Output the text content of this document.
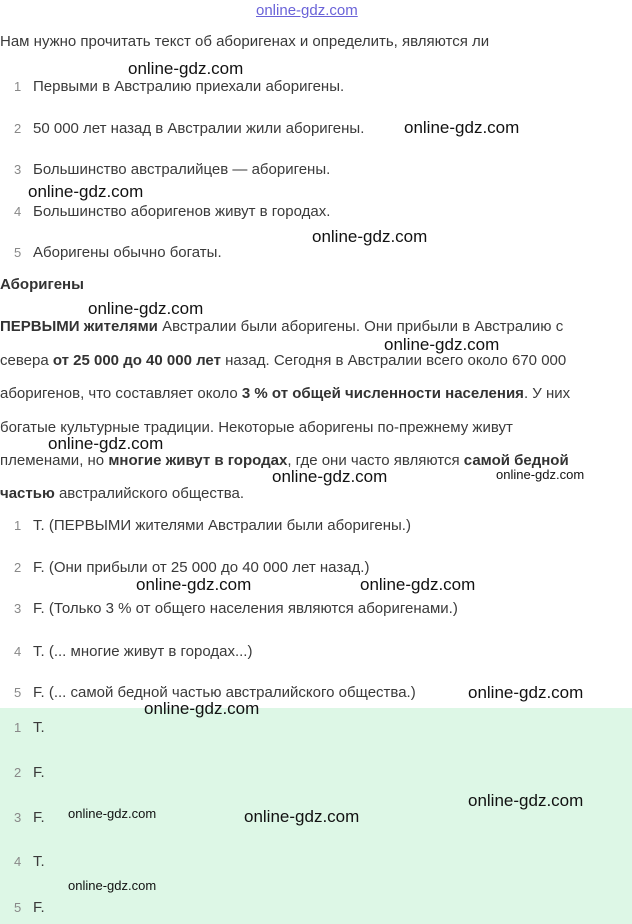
online-gdz.com
Нам нужно прочитать текст об аборигенах и определить, являются ли
1 Первыми в Австралию приехали аборигены.
2 50 000 лет назад в Австралии жили аборигены.
3 Большинство австралийцев — аборигены.
4 Большинство аборигенов живут в городах.
5 Аборигены обычно богаты.
Аборигены
ПЕРВЫМИ жителями Австралии были аборигены. Они прибыли в Австралию с
севера от 25 000 до 40 000 лет назад. Сегодня в Австралии всего около 670 000
аборигенов, что составляет около 3 % от общей численности населения. У них
богатые культурные традиции. Некоторые аборигены по-прежнему живут
племенами, но многие живут в городах, где они часто являются самой бедной
частью австралийского общества.
1 T. (ПЕРВЫМИ жителями Австралии были аборигены.)
2 F. (Они прибыли от 25 000 до 40 000 лет назад.)
3 F. (Только 3 % от общего населения являются аборигенами.)
4 T. (... многие живут в городах...)
5 F. (... самой бедной частью австралийского общества.)
1 T.
2 F.
3 F.
4 T.
5 F.
online-gdz.com
online-gdz.com
online-gdz.com
online-gdz.com
online-gdz.com
online-gdz.com
online-gdz.com
online-gdz.com	online-gdz.com
online-gdz.com	online-gdz.com
online-gdz.com
online-gdz.com
online-gdz.com
online-gdz.com	online-gdz.com
online-gdz.com
